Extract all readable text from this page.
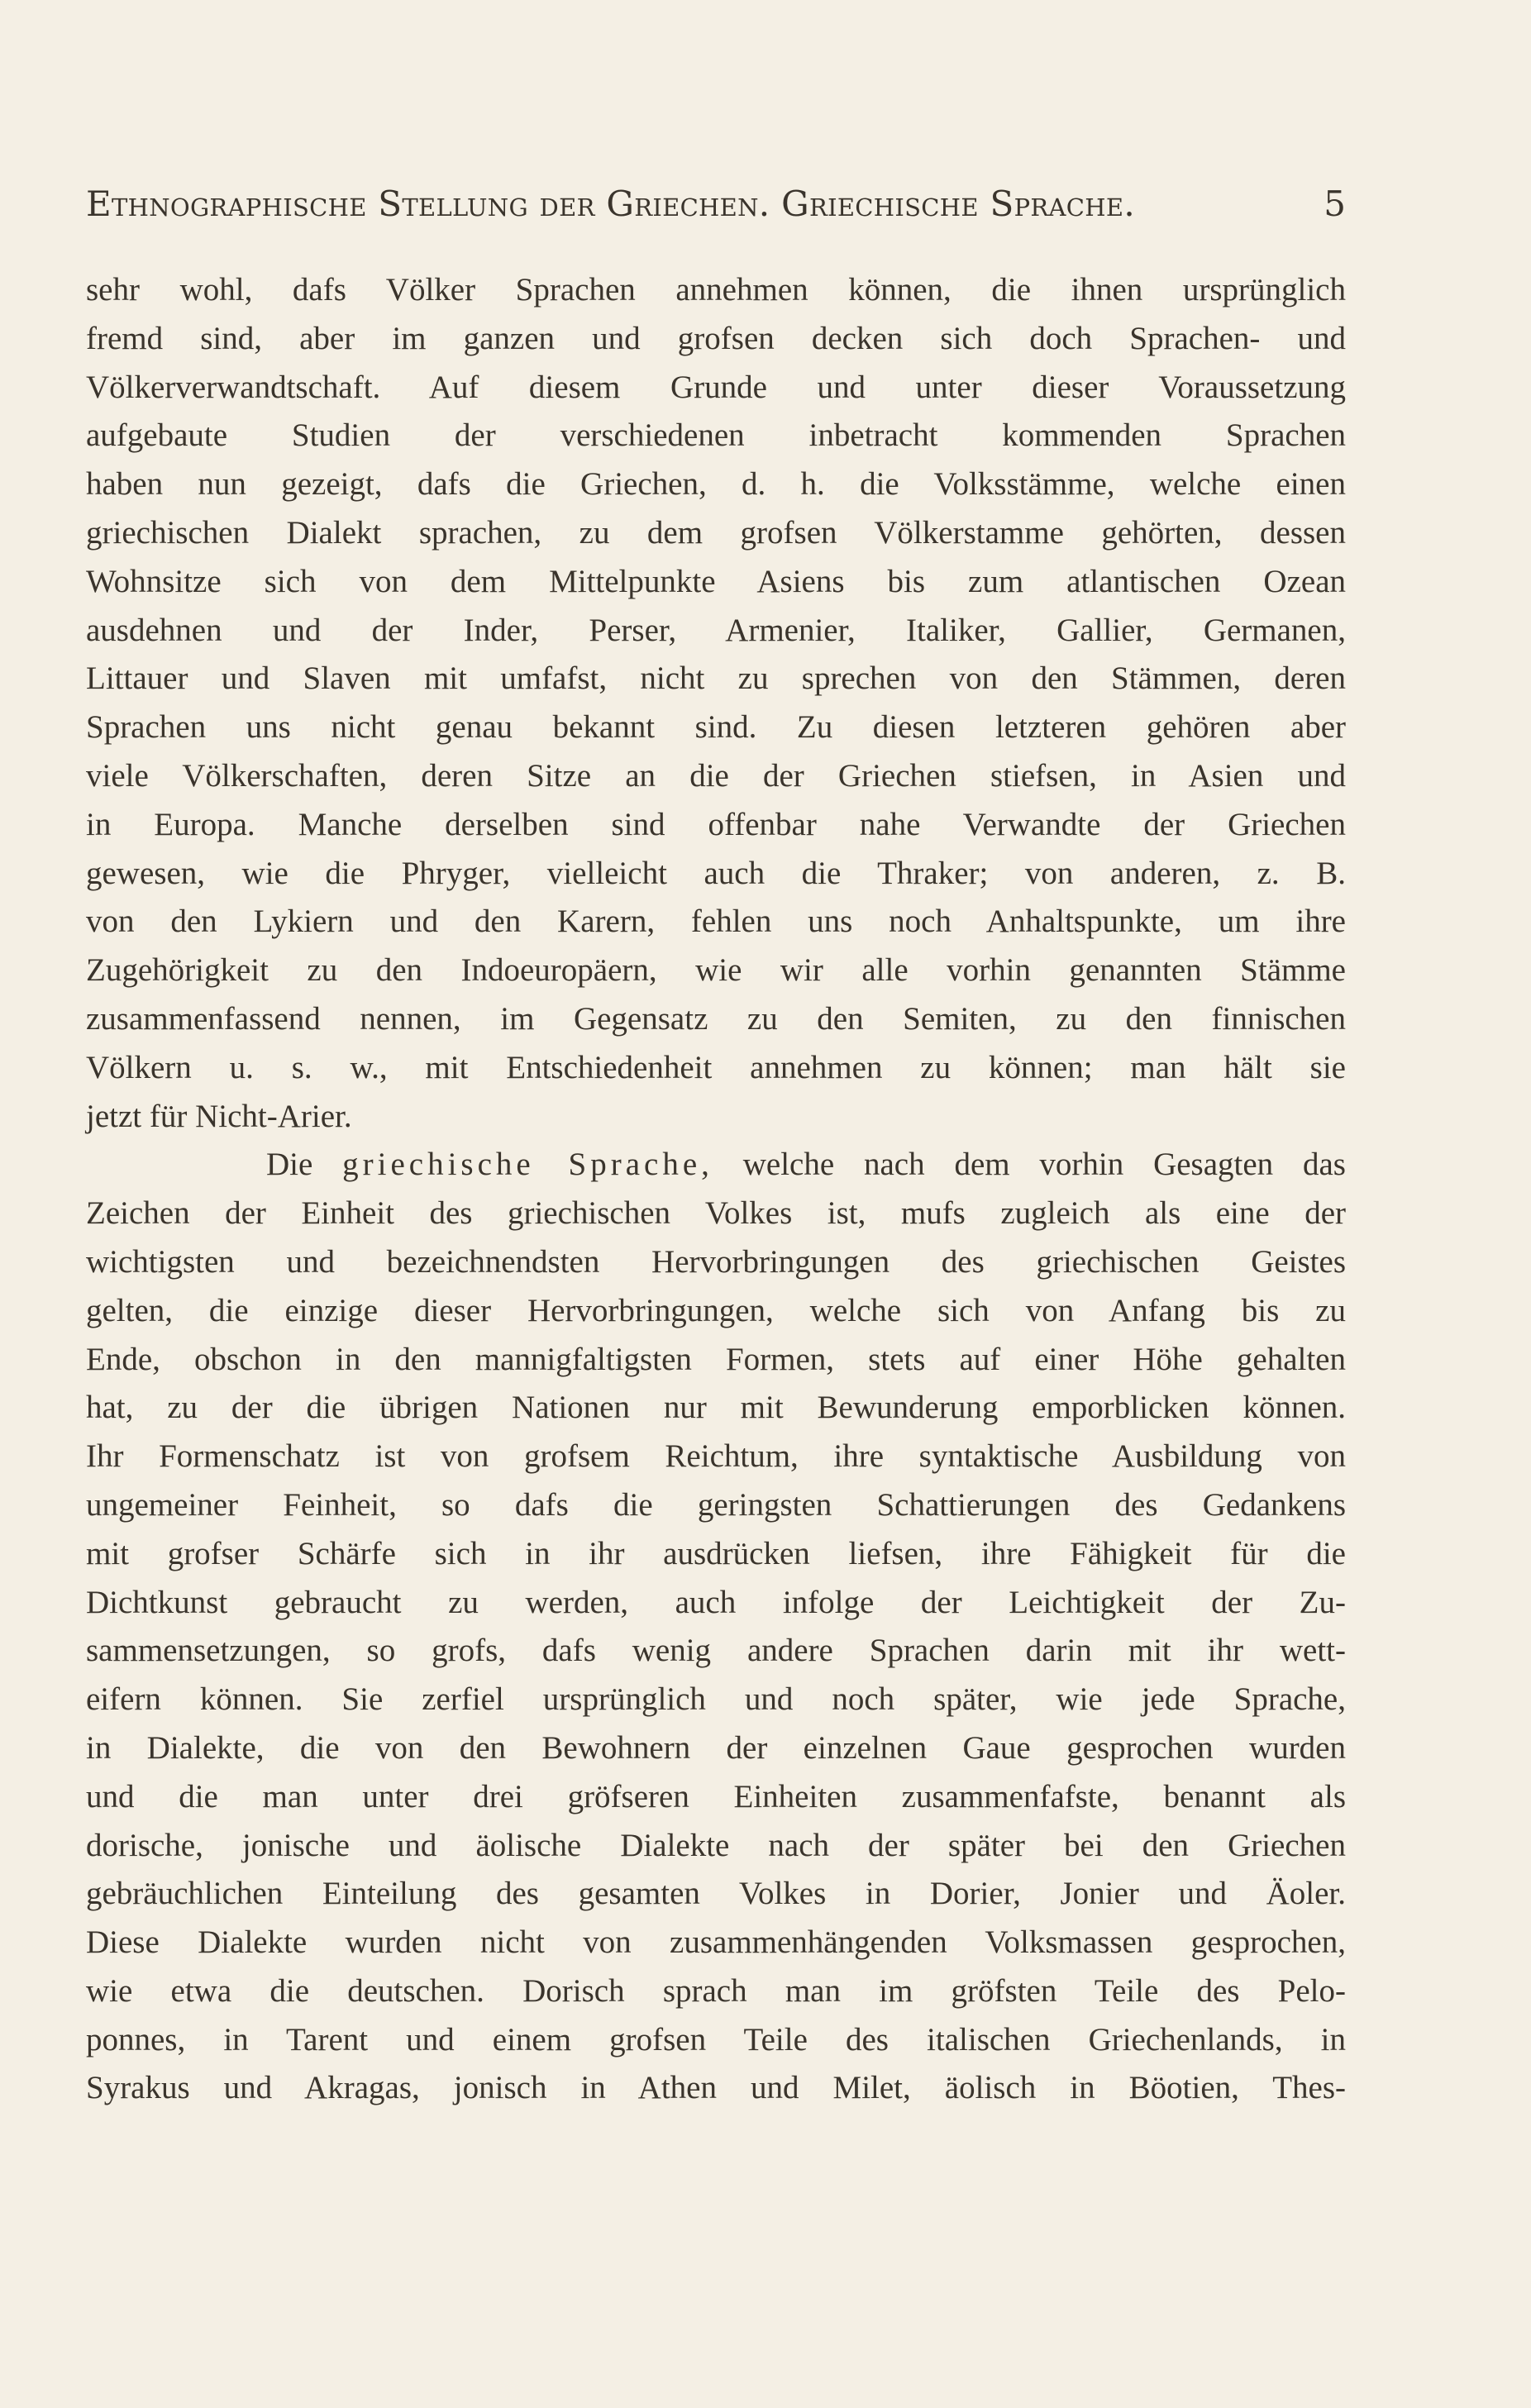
Ethnographische Stellung der Griechen. Griechische Sprache.	5
sehr wohl, dafs Völker Sprachen annehmen können, die ihnen ursprünglich
fremd sind, aber im ganzen und grofsen decken sich doch Sprachen- und
Völkerverwandtschaft. Auf diesem Grunde und unter dieser Voraussetzung
aufgebaute Studien der verschiedenen inbetracht kommenden Sprachen
haben nun gezeigt, dafs die Griechen, d. h. die Volksstämme, welche einen
griechischen Dialekt sprachen, zu dem grofsen Völkerstamme gehörten, dessen
Wohnsitze sich von dem Mittelpunkte Asiens bis zum atlantischen Ozean
ausdehnen und der Inder, Perser, Armenier, Italiker, Gallier, Germanen,
Littauer und Slaven mit umfafst, nicht zu sprechen von den Stämmen, deren
Sprachen uns nicht genau bekannt sind. Zu diesen letzteren gehören aber
viele Völkerschaften, deren Sitze an die der Griechen stiefsen, in Asien und
in Europa. Manche derselben sind offenbar nahe Verwandte der Griechen
gewesen, wie die Phryger, vielleicht auch die Thraker; von anderen, z. B.
von den Lykiern und den Karern, fehlen uns noch Anhaltspunkte, um ihre
Zugehörigkeit zu den Indoeuropäern, wie wir alle vorhin genannten Stämme
zusammenfassend nennen, im Gegensatz zu den Semiten, zu den finnischen
Völkern u. s. w., mit Entschiedenheit annehmen zu können; man hält sie
jetzt für Nicht-Arier.
Die griechische Sprache, welche nach dem vorhin Gesagten das
Zeichen der Einheit des griechischen Volkes ist, mufs zugleich als eine der
wichtigsten und bezeichnendsten Hervorbringungen des griechischen Geistes
gelten, die einzige dieser Hervorbringungen, welche sich von Anfang bis zu
Ende, obschon in den mannigfaltigsten Formen, stets auf einer Höhe gehalten
hat, zu der die übrigen Nationen nur mit Bewunderung emporblicken können.
Ihr Formenschatz ist von grofsem Reichtum, ihre syntaktische Ausbildung von
ungemeiner Feinheit, so dafs die geringsten Schattierungen des Gedankens
mit grofser Schärfe sich in ihr ausdrücken liefsen, ihre Fähigkeit für die
Dichtkunst gebraucht zu werden, auch infolge der Leichtigkeit der Zu-
sammensetzungen, so grofs, dafs wenig andere Sprachen darin mit ihr wett-
eifern können. Sie zerfiel ursprünglich und noch später, wie jede Sprache,
in Dialekte, die von den Bewohnern der einzelnen Gaue gesprochen wurden
und die man unter drei gröfseren Einheiten zusammenfafste, benannt als
dorische, jonische und äolische Dialekte nach der später bei den Griechen
gebräuchlichen Einteilung des gesamten Volkes in Dorier, Jonier und Äoler.
Diese Dialekte wurden nicht von zusammenhängenden Volksmassen gesprochen,
wie etwa die deutschen. Dorisch sprach man im gröfsten Teile des Pelo-
ponnes, in Tarent und einem grofsen Teile des italischen Griechenlands, in
Syrakus und Akragas, jonisch in Athen und Milet, äolisch in Böotien, Thes-
